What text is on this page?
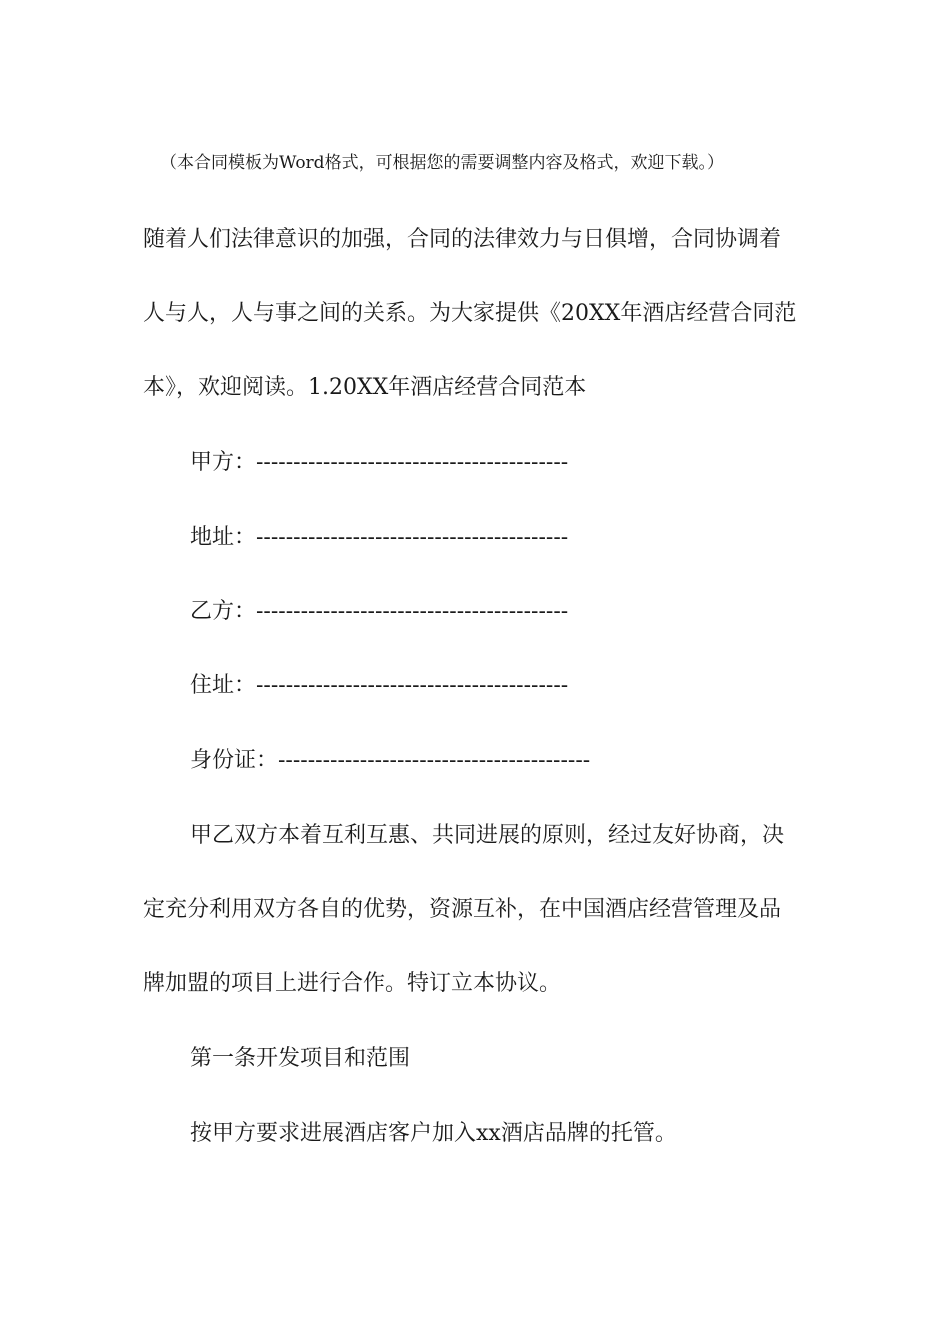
（本合同模板为Word格式，可根据您的需要调整内容及格式，欢迎下载。）
随着人们法律意识的加强，合同的法律效力与日俱增，合同协调着
人与人，人与事之间的关系。为大家提供《20XX年酒店经营合同范
本》，欢迎阅读。1.20XX年酒店经营合同范本
甲方：------------------------------------------
地址：------------------------------------------
乙方：------------------------------------------
住址：------------------------------------------
身份证：------------------------------------------
甲乙双方本着互利互惠、共同进展的原则，经过友好协商，决
定充分利用双方各自的优势，资源互补，在中国酒店经营管理及品
牌加盟的项目上进行合作。特订立本协议。
第一条开发项目和范围
按甲方要求进展酒店客户加入xx酒店品牌的托管。
